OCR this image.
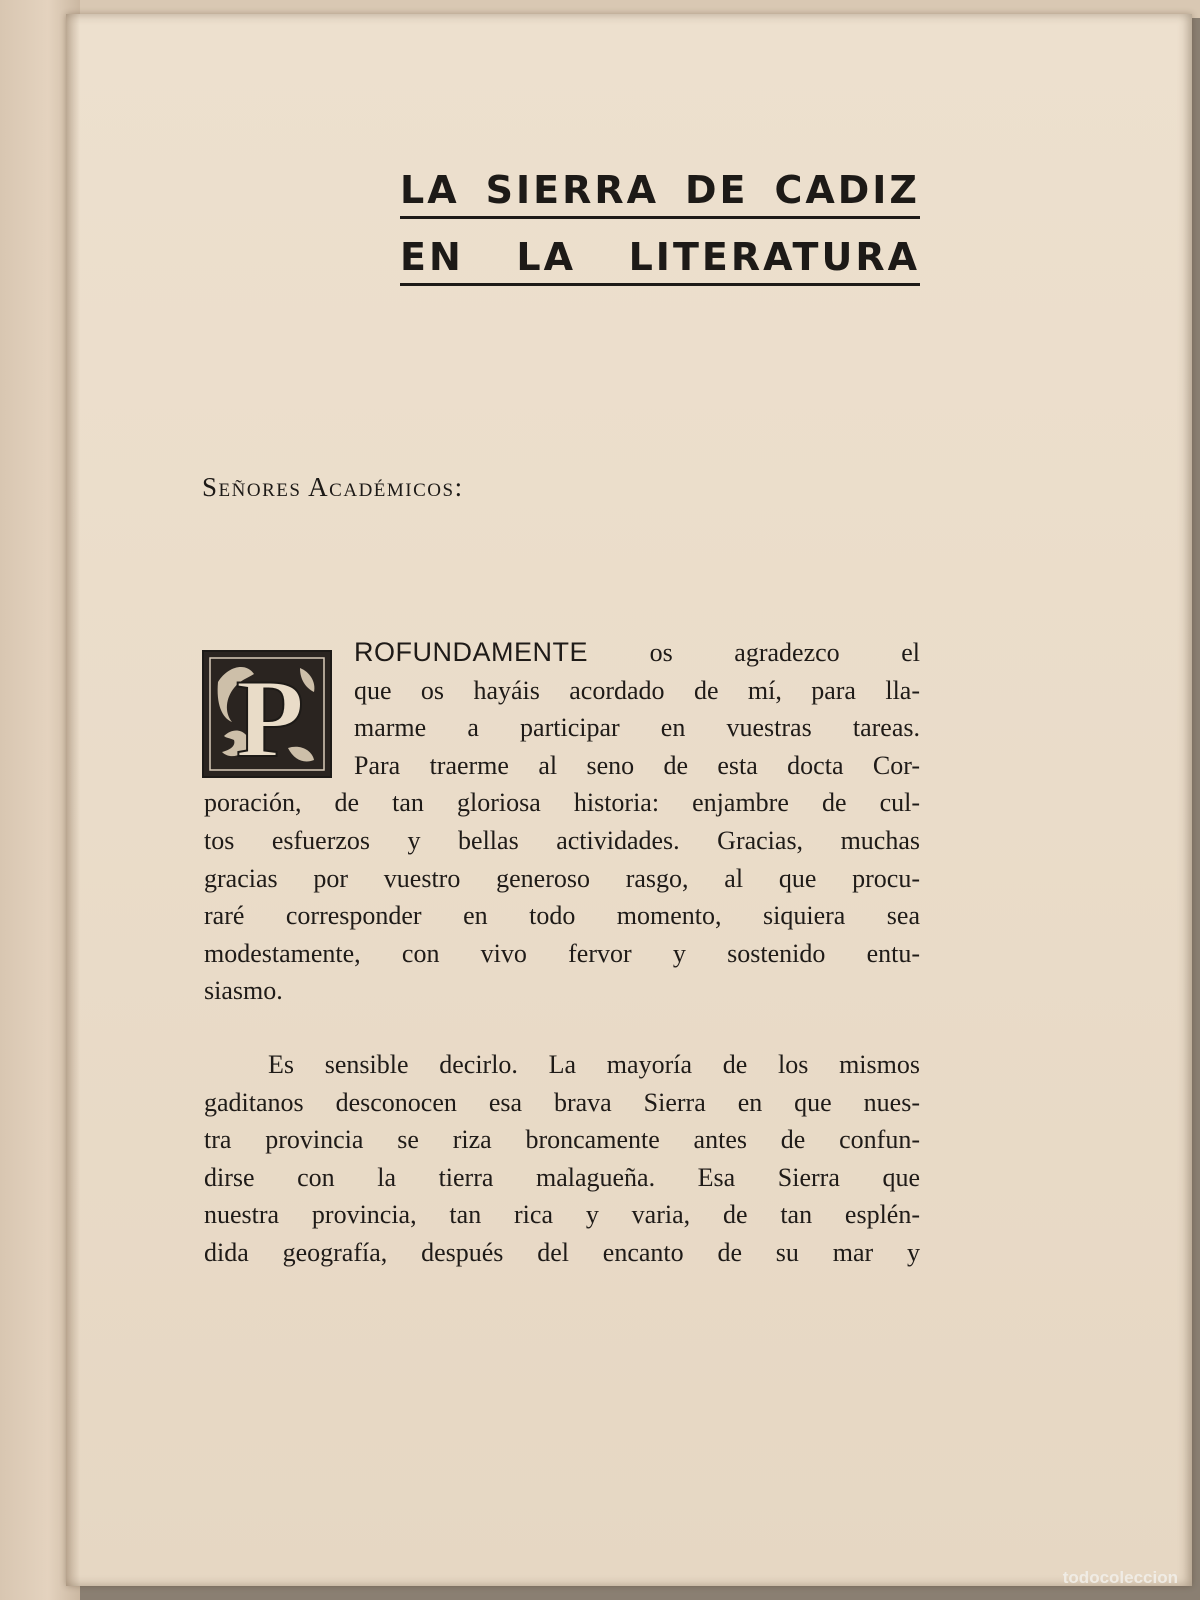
LA SIERRA DE CADIZ
EN LA LITERATURA
Señores Académicos:
P
ROFUNDAMENTE os agradezco el
que os hayáis acordado de mí, para lla-
marme a participar en vuestras tareas.
Para traerme al seno de esta docta Cor-
poración, de tan gloriosa historia: enjambre de cul-
tos esfuerzos y bellas actividades. Gracias, muchas
gracias por vuestro generoso rasgo, al que procu-
raré corresponder en todo momento, siquiera sea
modestamente, con vivo fervor y sostenido entu-
siasmo.
Es sensible decirlo. La mayoría de los mismos
gaditanos desconocen esa brava Sierra en que nues-
tra provincia se riza broncamente antes de confun-
dirse con la tierra malagueña. Esa Sierra que
nuestra provincia, tan rica y varia, de tan esplén-
dida geografía, después del encanto de su mar y
todocoleccion
